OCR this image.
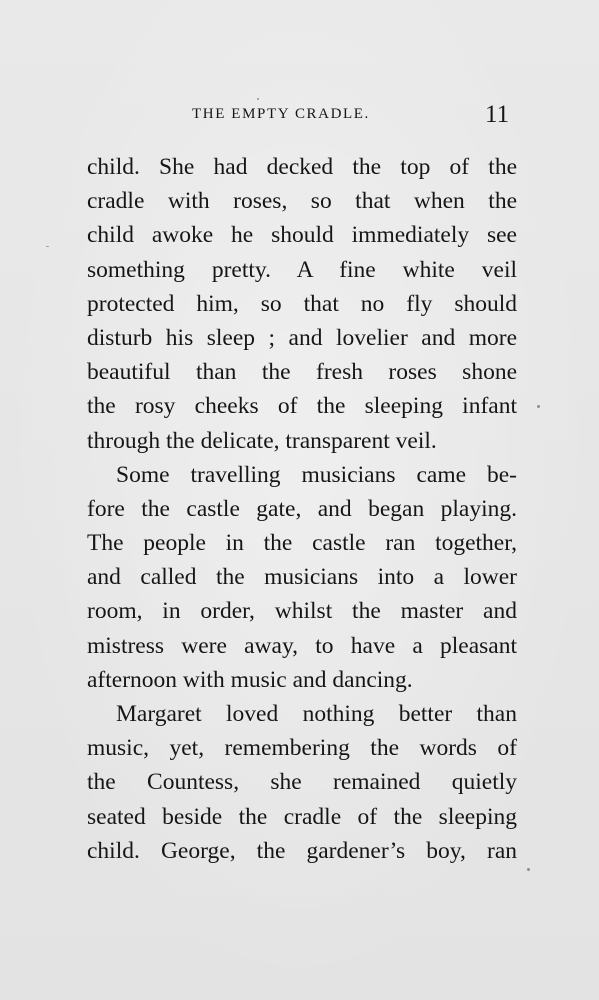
THE EMPTY CRADLE.	11
child. She had decked the top of the
cradle with roses, so that when the
child awoke he should immediately see
something pretty. A fine white veil
protected him, so that no fly should
disturb his sleep ; and lovelier and more
beautiful than the fresh roses shone
the rosy cheeks of the sleeping infant
through the delicate, transparent veil.
Some travelling musicians came be-
fore the castle gate, and began playing.
The people in the castle ran together,
and called the musicians into a lower
room, in order, whilst the master and
mistress were away, to have a pleasant
afternoon with music and dancing.
Margaret loved nothing better than
music, yet, remembering the words of
the Countess, she remained quietly
seated beside the cradle of the sleeping
child. George, the gardener’s boy, ran
